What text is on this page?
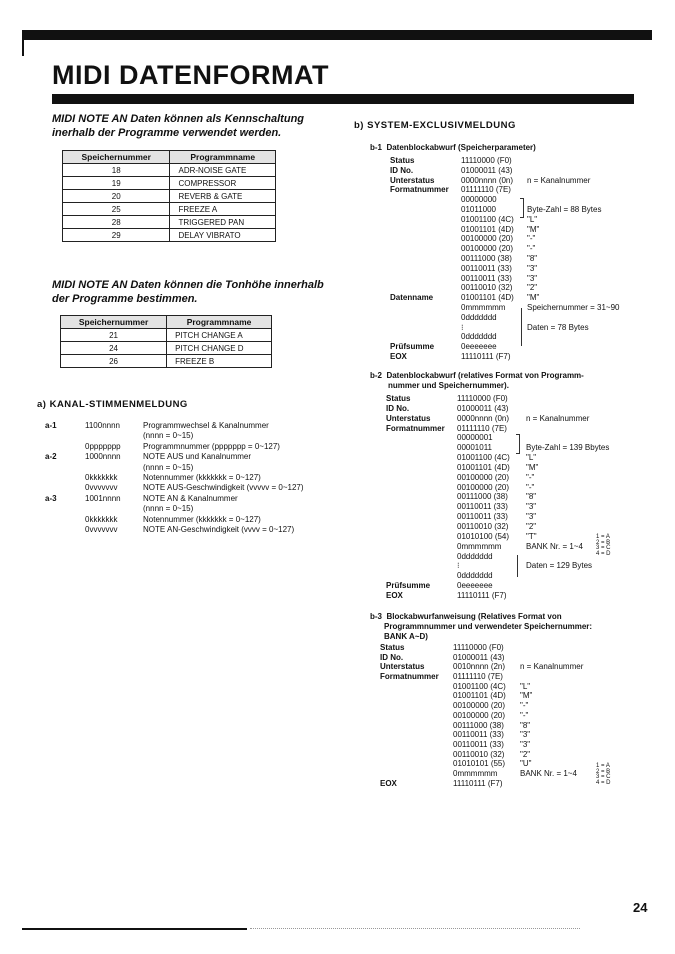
MIDI DATENFORMAT
MIDI NOTE AN Daten können als Kennschaltung
inerhalb der Programme verwendet werden.
Speichernummer	Programmname
18	ADR-NOISE GATE
19	COMPRESSOR
20	REVERB & GATE
25	FREEZE A
28	TRIGGERED PAN
29	DELAY VIBRATO
MIDI NOTE AN Daten können die Tonhöhe innerhalb
der Programme bestimmen.
Speichernummer	Programmname
21	PITCH CHANGE A
24	PITCH CHANGE D
26	FREEZE B
a) KANAL-STIMMENMELDUNG
a-1	1100nnnn	Programmwechsel & Kanalnummer
(nnnn = 0~15)
0ppppppp	Programmnummer (ppppppp = 0~127)
a-2	1000nnnn	NOTE AUS und Kanalnummer
(nnnn = 0~15)
0kkkkkkk	Notennummer (kkkkkkk = 0~127)
0vvvvvvv	NOTE AUS-Geschwindigkeit (vvvvv = 0~127)
a-3	1001nnnn	NOTE AN & Kanalnummer
(nnnn = 0~15)
0kkkkkkk	Notennummer (kkkkkkk = 0~127)
0vvvvvvv	NOTE AN-Geschwindigkeit (vvvv = 0~127)
b) SYSTEM-EXCLUSIVMELDUNG
b-1 Datenblockabwurf (Speicherparameter)
Status	11110000 (F0)
ID No.	01000011 (43)
Unterstatus	0000nnnn (0n) n = Kanalnummer
Formatnummer 01111110 (7E)
00000000
01011000	Byte-Zahl = 88 Bytes
01001100 (4C) "L"
01001101 (4D) "M"
00100000 (20) "-"
00100000 (20) "-"
00111000 (38) "8"
00110011 (33) "3"
00110011 (33) "3"
00110010 (32) "2"
Datenname	01001101 (4D) "M"
0mmmmmm	Speichernummer = 31~90
0ddddddd
⁝	Daten = 78 Bytes
0ddddddd
Prüfsumme	0eeeeeee
EOX	11110111 (F7)
b-2 Datenblockabwurf (relatives Format von Programm-
nummer und Speichernummer).
Status	11110000 (F0)
ID No.	01000011 (43)
Unterstatus	0000nnnn (0n) n = Kanalnummer
Formatnummer 01111110 (7E)
00000001
00001011	Byte-Zahl = 139 Bbytes
01001100 (4C) "L"
01001101 (4D) "M"
00100000 (20) "-"
00100000 (20) "-"
00111000 (38) "8"
00110011 (33) "3"
00110011 (33) "3"
00110010 (32) "2"
01010100 (54) "T"
0mmmmmm	BANK Nr. = 1~4
0ddddddd
⁝	Daten = 129 Bytes
0ddddddd
Prüfsumme	0eeeeeee
EOX	11110111 (F7)
1 = A
2 = B
3 = C
4 = D
b-3 Blockabwurfanweisung (Relatives Format von
Programmnummer und verwendeter Speichernummer:
BANK A~D)
Status	11110000 (F0)
ID No.	01000011 (43)
Unterstatus	0010nnnn (2n) n = Kanalnummer
Formatnummer 01111110 (7E)
01001100 (4C) "L"
01001101 (4D) "M"
00100000 (20) "-"
00100000 (20) "-"
00111000 (38) "8"
00110011 (33) "3"
00110011 (33) "3"
00110010 (32) "2"
01010101 (55) "U"
0mmmmmm	BANK Nr. = 1~4
EOX	11110111 (F7)
1 = A
2 = B
3 = C
4 = D
24
